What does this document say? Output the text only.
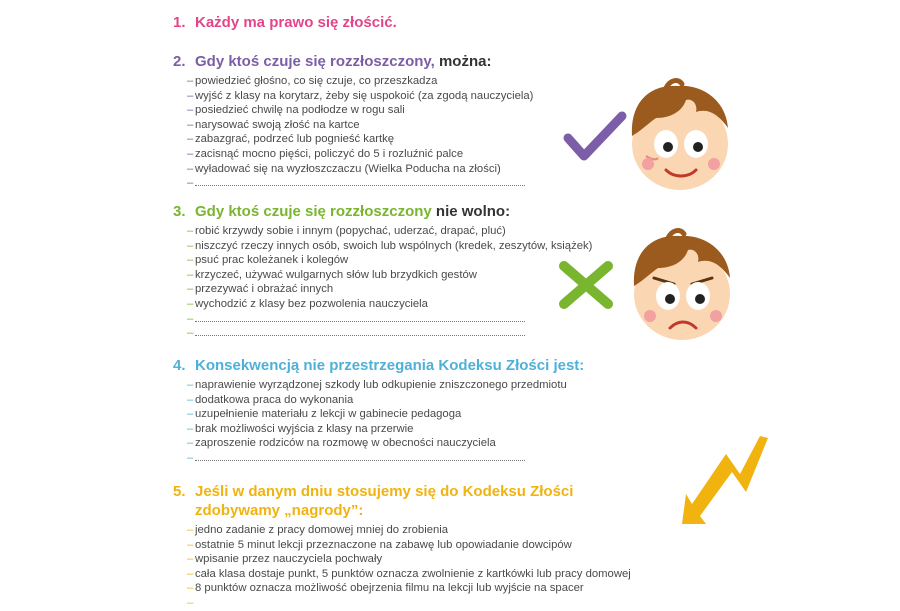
1. Każdy ma prawo się złościć.
2. Gdy ktoś czuje się rozzłoszczony, można:
– powiedzieć głośno, co się czuje, co przeszkadza
– wyjść z klasy na korytarz, żeby się uspokoić (za zgodą nauczyciela)
– posiedzieć chwilę na podłodze w rogu sali
– narysować swoją złość na kartce
– zabazgrać, podrzeć lub pognieść kartkę
– zacisnąć mocno pięści, policzyć do 5 i rozluźnić palce
– wyładować się na wyzłoszczaczu (Wielka Poducha na złości)
–
3. Gdy ktoś czuje się rozzłoszczony nie wolno:
– robić krzywdy sobie i innym (popychać, uderzać, drapać, pluć)
– niszczyć rzeczy innych osób, swoich lub wspólnych (kredek, zeszytów, książek)
– psuć prac koleżanek i kolegów
– krzyczeć, używać wulgarnych słów lub brzydkich gestów
– przezywać i obrażać innych
– wychodzić z klasy bez pozwolenia nauczyciela
–
–
4. Konsekwencją nie przestrzegania Kodeksu Złości jest:
– naprawienie wyrządzonej szkody lub odkupienie zniszczonego przedmiotu
– dodatkowa praca do wykonania
– uzupełnienie materiału z lekcji w gabinecie pedagoga
– brak możliwości wyjścia z klasy na przerwie
– zaproszenie rodziców na rozmowę w obecności nauczyciela
–
5. Jeśli w danym dniu stosujemy się do Kodeksu Złości
zdobywamy „nagrody”:
– jedno zadanie z pracy domowej mniej do zrobienia
– ostatnie 5 minut lekcji przeznaczone na zabawę lub opowiadanie dowcipów
– wpisanie przez nauczyciela pochwały
– cała klasa dostaje punkt, 5 punktów oznacza zwolnienie z kartkówki lub pracy domowej
– 8 punktów oznacza możliwość obejrzenia filmu na lekcji lub wyjście na spacer
–
